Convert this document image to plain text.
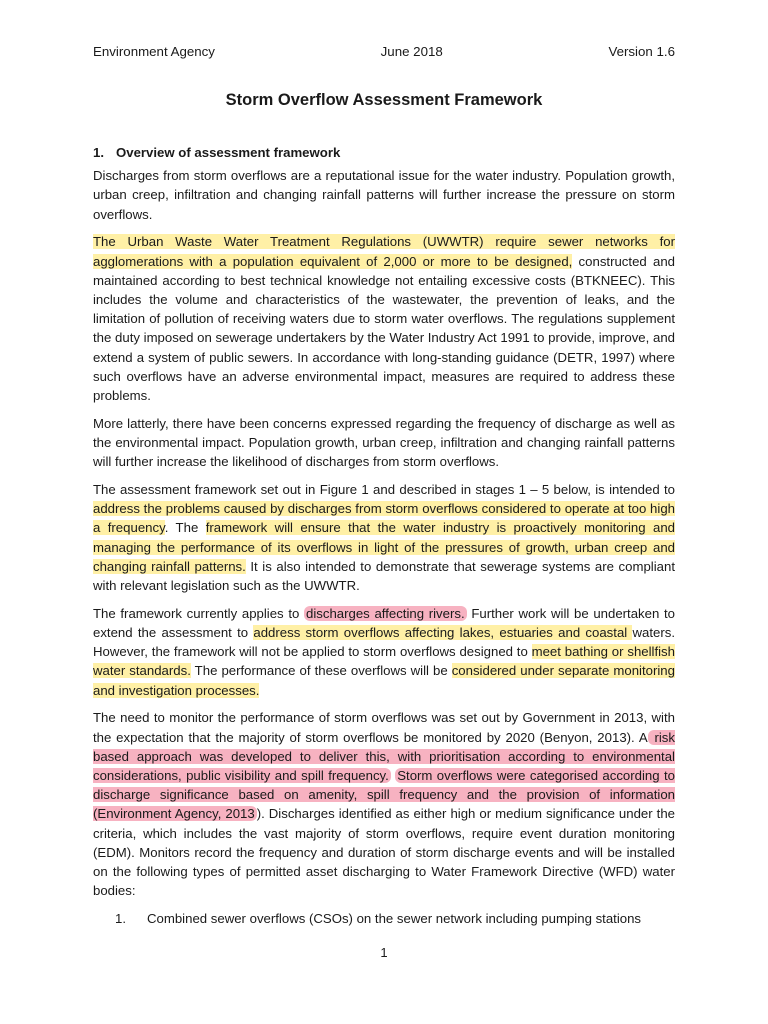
Environment Agency	June 2018	Version 1.6
Storm Overflow Assessment Framework
1. Overview of assessment framework

Discharges from storm overflows are a reputational issue for the water industry. Population growth, urban creep, infiltration and changing rainfall patterns will further increase the pressure on storm overflows.

The Urban Waste Water Treatment Regulations (UWWTR) require sewer networks for agglomerations with a population equivalent of 2,000 or more to be designed, constructed and maintained according to best technical knowledge not entailing excessive costs (BTKNEEC). This includes the volume and characteristics of the wastewater, the prevention of leaks, and the limitation of pollution of receiving waters due to storm water overflows. The regulations supplement the duty imposed on sewerage undertakers by the Water Industry Act 1991 to provide, improve, and extend a system of public sewers. In accordance with long-standing guidance (DETR, 1997) where such overflows have an adverse environmental impact, measures are required to address these problems.

More latterly, there have been concerns expressed regarding the frequency of discharge as well as the environmental impact. Population growth, urban creep, infiltration and changing rainfall patterns will further increase the likelihood of discharges from storm overflows.

The assessment framework set out in Figure 1 and described in stages 1 – 5 below, is intended to address the problems caused by discharges from storm overflows considered to operate at too high a frequency. The framework will ensure that the water industry is proactively monitoring and managing the performance of its overflows in light of the pressures of growth, urban creep and changing rainfall patterns. It is also intended to demonstrate that sewerage systems are compliant with relevant legislation such as the UWWTR.

The framework currently applies to discharges affecting rivers. Further work will be undertaken to extend the assessment to address storm overflows affecting lakes, estuaries and coastal waters. However, the framework will not be applied to storm overflows designed to meet bathing or shellfish water standards. The performance of these overflows will be considered under separate monitoring and investigation processes.

The need to monitor the performance of storm overflows was set out by Government in 2013, with the expectation that the majority of storm overflows be monitored by 2020 (Benyon, 2013). A risk based approach was developed to deliver this, with prioritisation according to environmental considerations, public visibility and spill frequency. Storm overflows were categorised according to discharge significance based on amenity, spill frequency and the provision of information (Environment Agency, 2013 ). Discharges identified as either high or medium significance under the criteria, which includes the vast majority of storm overflows, require event duration monitoring (EDM). Monitors record the frequency and duration of storm discharge events and will be installed on the following types of permitted asset discharging to Water Framework Directive (WFD) water bodies:

1.	Combined sewer overflows (CSOs) on the sewer network including pumping stations
1
